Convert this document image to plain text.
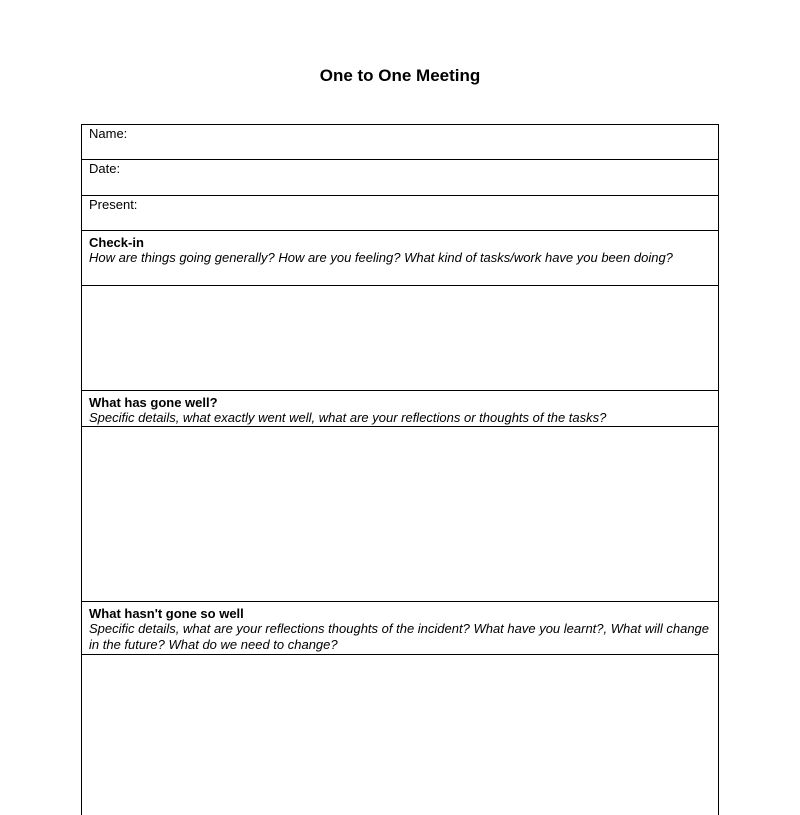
One to One Meeting
Name:
Date:
Present:
Check-in
How are things going generally? How are you feeling? What kind of tasks/work have you been doing?
What has gone well?
Specific details, what exactly went well, what are your reflections or thoughts of the tasks?
What hasn't gone so well
Specific details, what are your reflections thoughts of the incident? What have you learnt?, What will change in the future? What do we need to change?
